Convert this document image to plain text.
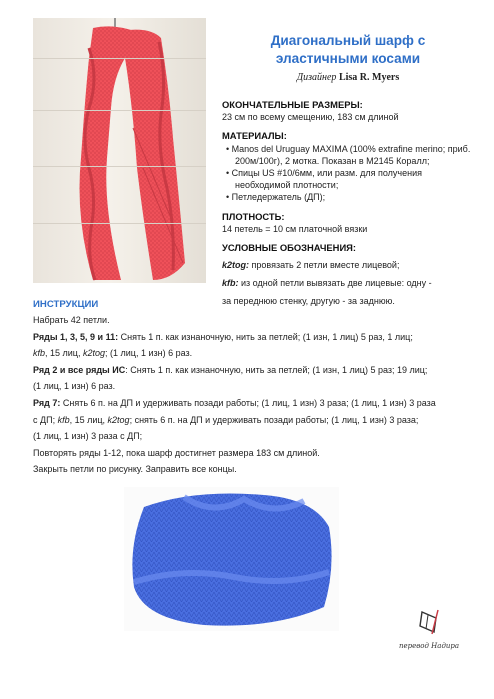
Диагональный шарф с
эластичными косами
Дизайнер Lisa R. Myers
ОКОНЧАТЕЛЬНЫЕ РАЗМЕРЫ:
23 см по всему смещению, 183 см длиной
МАТЕРИАЛЫ:
• Manos del Uruguay MAXIMA (100% extrafine merino; приб. 200м/100г), 2 мотка. Показан в M2145 Коралл;
• Спицы US #10/6мм, или разм. для получения необходимой плотности;
• Петледержатель (ДП);
ПЛОТНОСТЬ:
14 петель = 10 см платочной вязки
УСЛОВНЫЕ ОБОЗНАЧЕНИЯ:
k2tog: провязать 2 петли вместе лицевой;
kfb: из одной петли вывязать две лицевые: одну -
за переднюю стенку, другую - за заднюю.
ИНСТРУКЦИИ
Набрать 42 петли.
Ряды 1, 3, 5, 9 и 11: Снять 1 п. как изнаночную, нить за петлей; (1 изн, 1 лиц) 5 раз, 1 лиц;
kfb, 15 лиц, k2tog; (1 лиц, 1 изн) 6 раз.
Ряд 2 и все ряды ИС: Снять 1 п. как изнаночную, нить за петлей; (1 изн, 1 лиц) 5 раз; 19 лиц;
(1 лиц, 1 изн) 6 раз.
Ряд 7: Снять 6 п. на ДП и удерживать позади работы; (1 лиц, 1 изн) 3 раза; (1 лиц, 1 изн) 3 раза
с ДП; kfb, 15 лиц, k2tog; снять 6 п. на ДП и удерживать позади работы; (1 лиц, 1 изн) 3 раза;
(1 лиц, 1 изн) 3 раза с ДП;
Повторять ряды 1-12, пока шарф достигнет размера 183 см длиной.
Закрыть петли по рисунку. Заправить все концы.
перевод Надира
